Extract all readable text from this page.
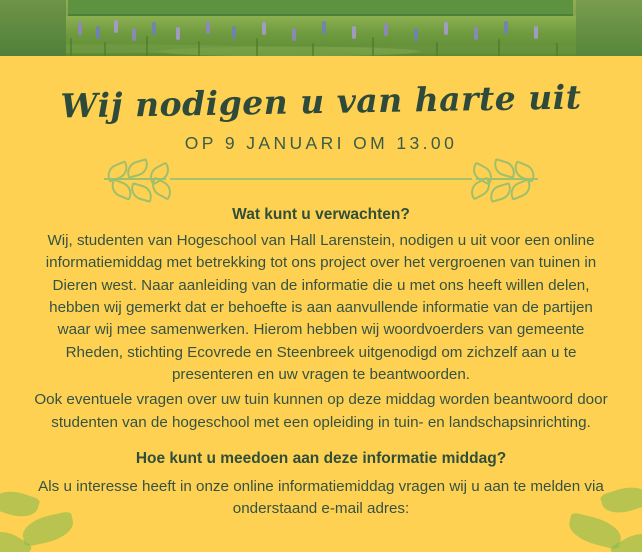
Wij nodigen u van harte uit
OP 9 JANUARI OM 13.00
Wat kunt u verwachten?
Wij, studenten van Hogeschool van Hall Larenstein, nodigen u uit voor een online informatiemiddag met betrekking tot ons project over het vergroenen van tuinen in Dieren west. Naar aanleiding van de informatie die u met ons heeft willen delen, hebben wij gemerkt dat er behoefte is aan aanvullende informatie van de partijen waar wij mee samenwerken. Hierom hebben wij woordvoerders van gemeente Rheden, stichting Ecovrede en Steenbreek uitgenodigd om zichzelf aan u te presenteren en uw vragen te beantwoorden.
Ook eventuele vragen over uw tuin kunnen op deze middag worden beantwoord door studenten van de hogeschool met een opleiding in tuin- en landschapsinrichting.
Hoe kunt u meedoen aan deze informatie middag?
Als u interesse heeft in onze online informatiemiddag vragen wij u aan te melden via onderstaand e-mail adres:
